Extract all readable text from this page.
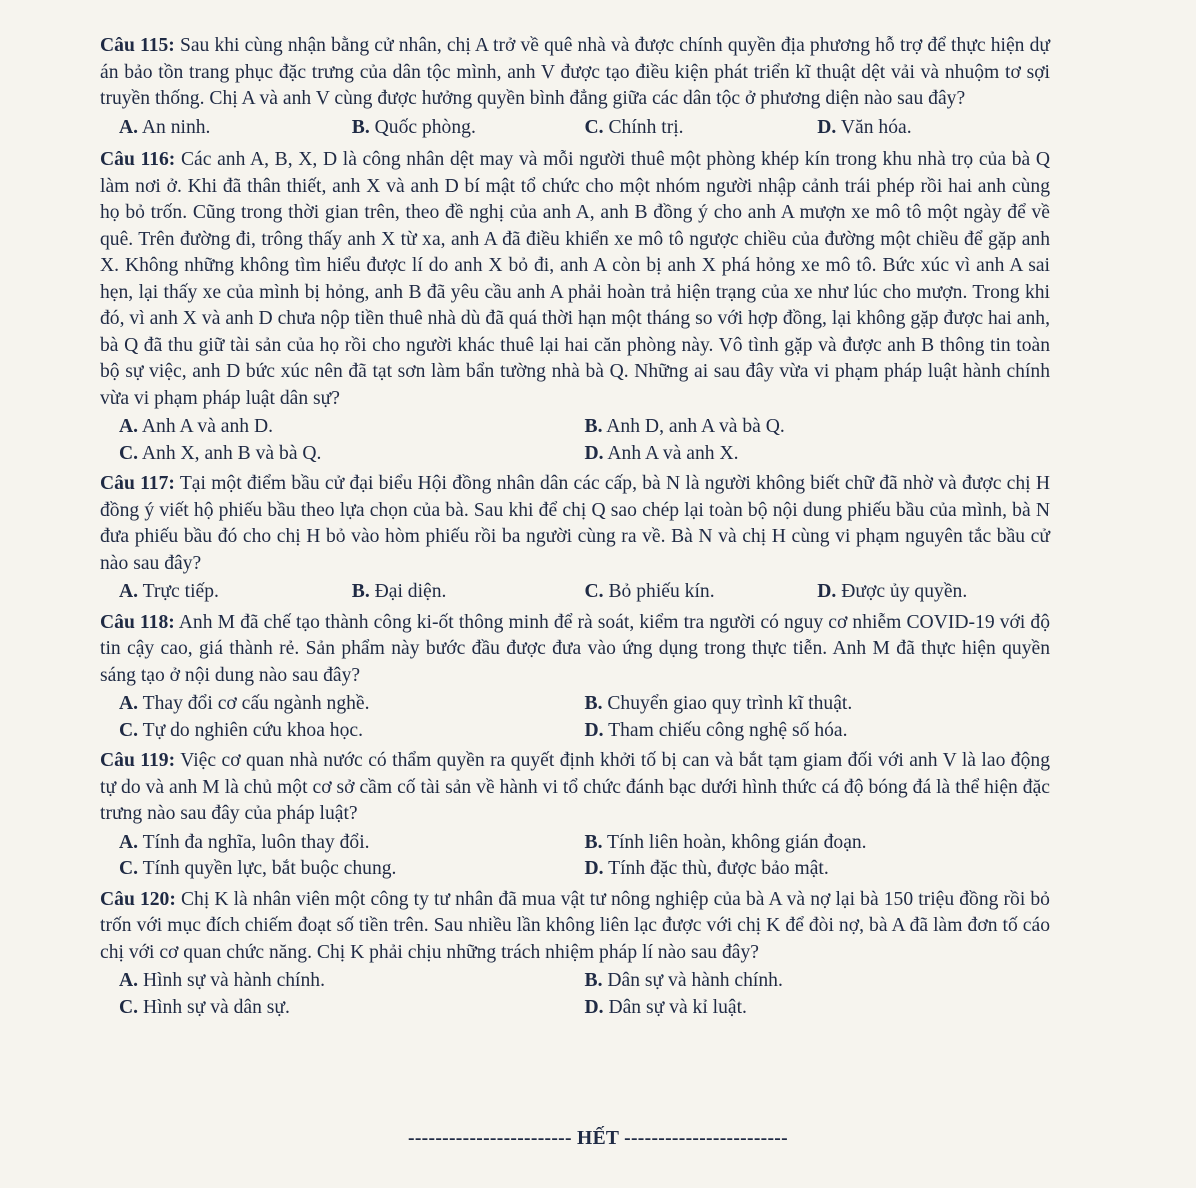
Câu 115: Sau khi cùng nhận bằng cử nhân, chị A trở về quê nhà và được chính quyền địa phương hỗ trợ để thực hiện dự án bảo tồn trang phục đặc trưng của dân tộc mình, anh V được tạo điều kiện phát triển kĩ thuật dệt vải và nhuộm tơ sợi truyền thống. Chị A và anh V cùng được hưởng quyền bình đẳng giữa các dân tộc ở phương diện nào sau đây?

A. An ninh.	B. Quốc phòng.	C. Chính trị.	D. Văn hóa.

Câu 116: Các anh A, B, X, D là công nhân dệt may và mỗi người thuê một phòng khép kín trong khu nhà trọ của bà Q làm nơi ở. Khi đã thân thiết, anh X và anh D bí mật tổ chức cho một nhóm người nhập cảnh trái phép rồi hai anh cùng họ bỏ trốn. Cũng trong thời gian trên, theo đề nghị của anh A, anh B đồng ý cho anh A mượn xe mô tô một ngày để về quê. Trên đường đi, trông thấy anh X từ xa, anh A đã điều khiển xe mô tô ngược chiều của đường một chiều để gặp anh X. Không những không tìm hiểu được lí do anh X bỏ đi, anh A còn bị anh X phá hỏng xe mô tô. Bức xúc vì anh A sai hẹn, lại thấy xe của mình bị hỏng, anh B đã yêu cầu anh A phải hoàn trả hiện trạng của xe như lúc cho mượn. Trong khi đó, vì anh X và anh D chưa nộp tiền thuê nhà dù đã quá thời hạn một tháng so với hợp đồng, lại không gặp được hai anh, bà Q đã thu giữ tài sản của họ rồi cho người khác thuê lại hai căn phòng này. Vô tình gặp và được anh B thông tin toàn bộ sự việc, anh D bức xúc nên đã tạt sơn làm bẩn tường nhà bà Q. Những ai sau đây vừa vi phạm pháp luật hành chính vừa vi phạm pháp luật dân sự?

A. Anh A và anh D.	B. Anh D, anh A và bà Q.
C. Anh X, anh B và bà Q.	D. Anh A và anh X.

Câu 117: Tại một điểm bầu cử đại biểu Hội đồng nhân dân các cấp, bà N là người không biết chữ đã nhờ và được chị H đồng ý viết hộ phiếu bầu theo lựa chọn của bà. Sau khi để chị Q sao chép lại toàn bộ nội dung phiếu bầu của mình, bà N đưa phiếu bầu đó cho chị H bỏ vào hòm phiếu rồi ba người cùng ra về. Bà N và chị H cùng vi phạm nguyên tắc bầu cử nào sau đây?

A. Trực tiếp.	B. Đại diện.	C. Bỏ phiếu kín.	D. Được ủy quyền.

Câu 118: Anh M đã chế tạo thành công ki-ốt thông minh để rà soát, kiểm tra người có nguy cơ nhiễm COVID-19 với độ tin cậy cao, giá thành rẻ. Sản phẩm này bước đầu được đưa vào ứng dụng trong thực tiễn. Anh M đã thực hiện quyền sáng tạo ở nội dung nào sau đây?

A. Thay đổi cơ cấu ngành nghề.	B. Chuyển giao quy trình kĩ thuật.
C. Tự do nghiên cứu khoa học.	D. Tham chiếu công nghệ số hóa.

Câu 119: Việc cơ quan nhà nước có thẩm quyền ra quyết định khởi tố bị can và bắt tạm giam đối với anh V là lao động tự do và anh M là chủ một cơ sở cầm cố tài sản về hành vi tổ chức đánh bạc dưới hình thức cá độ bóng đá là thể hiện đặc trưng nào sau đây của pháp luật?

A. Tính đa nghĩa, luôn thay đổi.	B. Tính liên hoàn, không gián đoạn.
C. Tính quyền lực, bắt buộc chung.	D. Tính đặc thù, được bảo mật.

Câu 120: Chị K là nhân viên một công ty tư nhân đã mua vật tư nông nghiệp của bà A và nợ lại bà 150 triệu đồng rồi bỏ trốn với mục đích chiếm đoạt số tiền trên. Sau nhiều lần không liên lạc được với chị K để đòi nợ, bà A đã làm đơn tố cáo chị với cơ quan chức năng. Chị K phải chịu những trách nhiệm pháp lí nào sau đây?

A. Hình sự và hành chính.	B. Dân sự và hành chính.
C. Hình sự và dân sự.	D. Dân sự và kỉ luật.
------------------------ HẾT ------------------------
